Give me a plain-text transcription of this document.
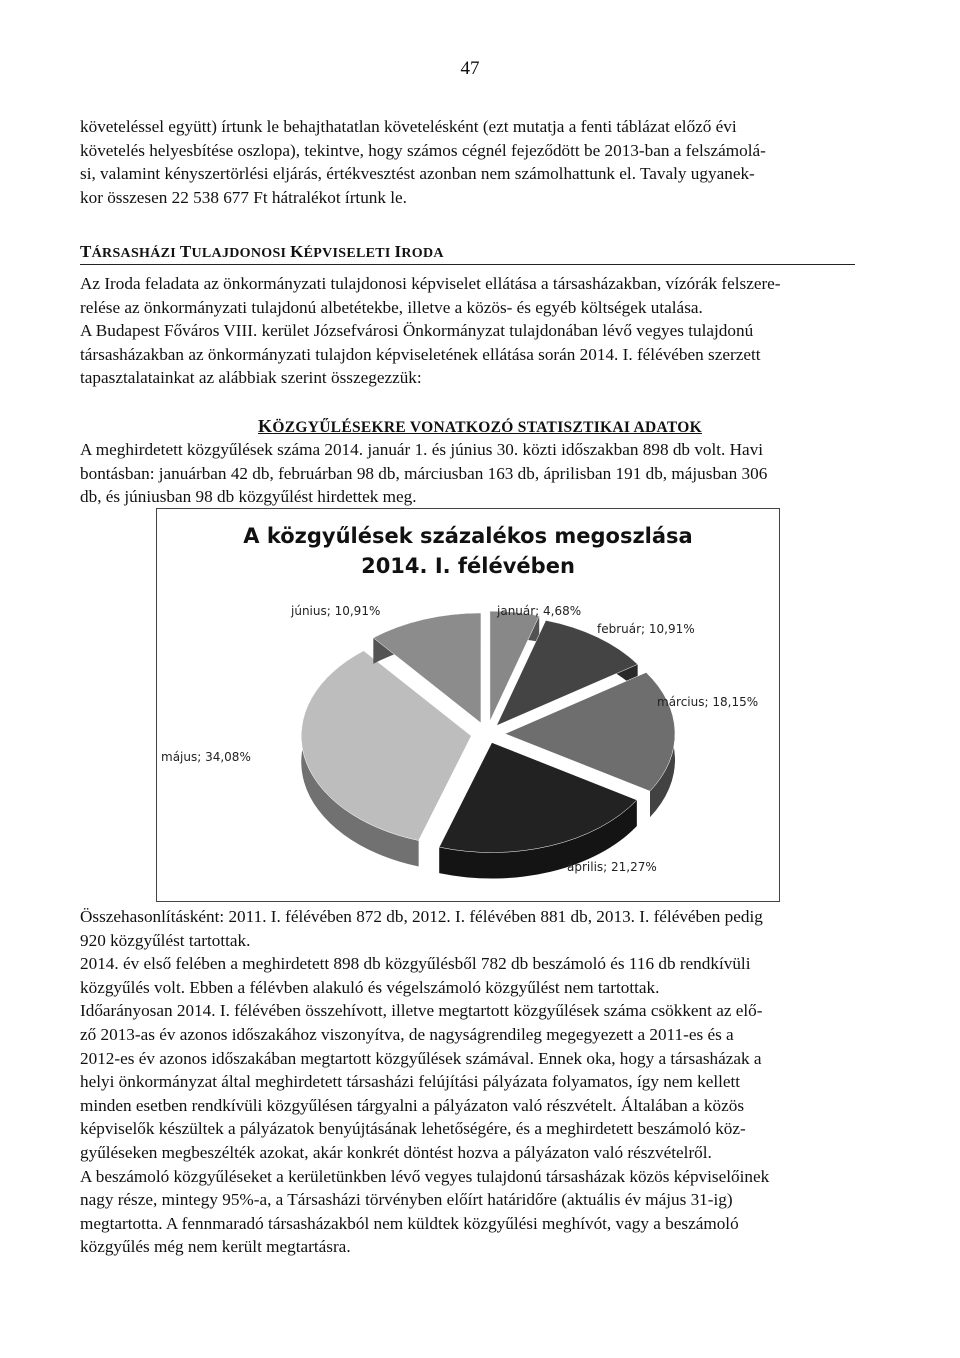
47

követeléssel együtt) írtunk le behajthatatlan követelésként (ezt mutatja a fenti táblázat előző évi

követelés helyesbítése oszlopa), tekintve, hogy számos cégnél fejeződött be 2013-ban a felszámolá-

si, valamint kényszertörlési eljárás, értékvesztést azonban nem számolhattunk el. Tavaly ugyanek-

kor összesen 22 538 677 Ft hátralékot írtunk le.

TÁRSASHÁZI TULAJDONOSI KÉPVISELETI IRODA

Az Iroda feladata az önkormányzati tulajdonosi képviselet ellátása a társasházakban, vízórák felszere-

relése az önkormányzati tulajdonú albetétekbe, illetve a közös- és egyéb költségek utalása.

A Budapest Főváros VIII. kerület Józsefvárosi Önkormányzat tulajdonában lévő vegyes tulajdonú

társasházakban az önkormányzati tulajdon képviseletének ellátása során 2014. I. félévében szerzett

tapasztalatainkat az alábbiak szerint összegezzük:

KÖZGYŰLÉSEKRE VONATKOZÓ STATISZTIKAI ADATOK

A meghirdetett közgyűlések száma 2014. január 1. és június 30. közti időszakban 898 db volt. Havi

bontásban: januárban 42 db, februárban 98 db, márciusban 163 db, áprilisban 191 db, májusban 306

db, és júniusban 98 db közgyűlést hirdettek meg.

A közgyűlések százalékos megoszlása
2014. I. félévében
január; 4,68%
február; 10,91%
március; 18,15%
április; 21,27%
május; 34,08%
június; 10,91%

Összehasonlításként: 2011. I. félévében 872 db, 2012. I. félévében 881 db, 2013. I. félévében pedig

920 közgyűlést tartottak.

2014. év első felében a meghirdetett 898 db közgyűlésből 782 db beszámoló és 116 db rendkívüli

közgyűlés volt. Ebben a félévben alakuló és végelszámoló közgyűlést nem tartottak.

Időarányosan 2014. I. félévében összehívott, illetve megtartott közgyűlések száma csökkent az elő-

ző 2013-as év azonos időszakához viszonyítva, de nagyságrendileg megegyezett a 2011-es és a

2012-es év azonos időszakában megtartott közgyűlések számával. Ennek oka, hogy a társasházak a

helyi önkormányzat által meghirdetett társasházi felújítási pályázata folyamatos, így nem kellett

minden esetben rendkívüli közgyűlésen tárgyalni a pályázaton való részvételt. Általában a közös

képviselők készültek a pályázatok benyújtásának lehetőségére, és a meghirdetett beszámoló köz-

gyűléseken megbeszélték azokat, akár konkrét döntést hozva a pályázaton való részvételről.

A beszámoló közgyűléseket a kerületünkben lévő vegyes tulajdonú társasházak közös képviselőinek

nagy része, mintegy 95%-a, a Társasházi törvényben előírt határidőre (aktuális év május 31-ig)

megtartotta. A fennmaradó társasházakból nem küldtek közgyűlési meghívót, vagy a beszámoló

közgyűlés még nem került megtartásra.
